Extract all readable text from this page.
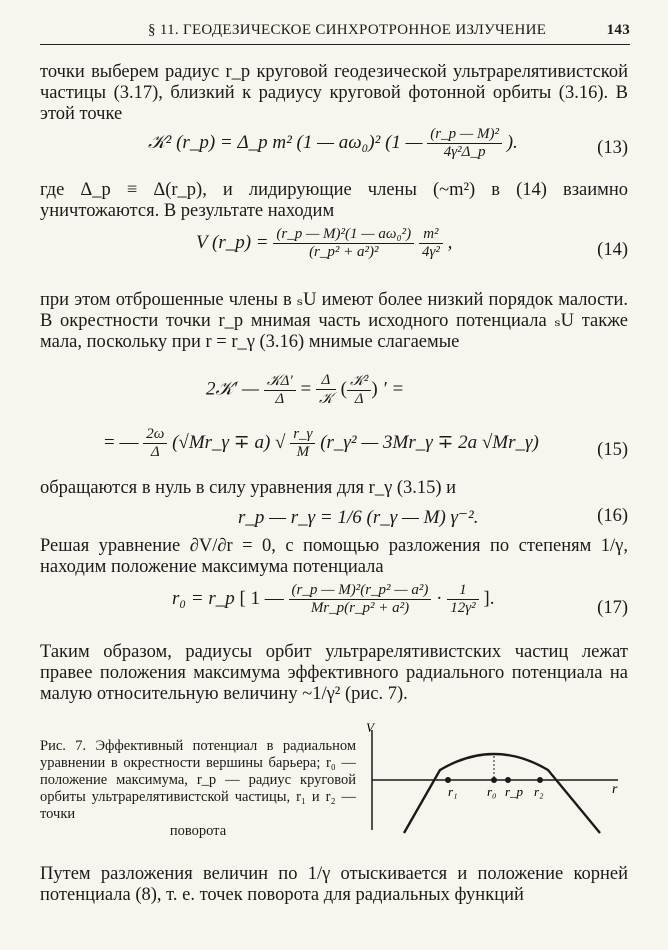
§ 11. ГЕОДЕЗИЧЕСКОЕ СИНХРОТРОННОЕ ИЗЛУЧЕНИЕ	143
точки выберем радиус r_p круговой геодезической ультрарелятивистской частицы (3.17), близкий к радиусу круговой фотонной орбиты (3.16). В этой точке
𝒦² (r_p) = Δ_p m² (1 — aω₀)² (1 — $\frac{\text{(r\_p — M)²}}{\text{4γ²Δ\_p}}$ ).	(13)
где Δ_p ≡ Δ(r_p), и лидирующие члены (~m²) в (14) взаимно уничтожаются. В результате находим
V (r_p) = $\frac{\text{(r\_p — M)²(1 — aω₀²)}}{\text{(r\_p² + a²)²}}$
$\frac{\text{m²}}{\text{4γ²}}$ ,	(14)
при этом отброшенные члены в ₛU имеют более низкий порядок малости. В окрестности точки r_p мнимая часть исходного потенциала ₛU также мала, поскольку при r = r_γ (3.16) мнимые слагаемые
2𝒦′ — $\frac{\text{𝒦Δ′}}{\Delta} = \frac{\Delta}{\text{𝒦}}$ ( $\frac{\text{𝒦²}}{\Delta}$ ) ′ =
= — $\frac{2\omega}{\Delta}$ (√Mr_γ ∓ a) √ $\frac{r\_\gamma}{M}$ (r_γ² — 3Mr_γ ∓ 2a √Mr_γ)	(15)
обращаются в нуль в силу уравнения для r_γ (3.15) и
r_p — r_γ = 1/6 (r_γ — M) γ⁻².	(16)
Решая уравнение ∂V/∂r = 0, с помощью разложения по степеням 1/γ, находим положение максимума потенциала
r₀ = r_p [ 1 — $\frac{\text{(r\_p — M)²(r\_p² — a²)}}{\text{Mr\_p(r\_p² + a²)}} \cdot \frac{1}{\text{12γ²}}$ ].	(17)
Таким образом, радиусы орбит ультрарелятивистских частиц лежат правее положения максимума эффективного радиального потенциала на малую относительную величину ~1/γ² (рис. 7).
Рис. 7. Эффективный потенциал в радиальном уравнении в окрестности вершины барьера; r₀ — положение максимума, r_p — радиус круговой орбиты ультрарелятивистской частицы, r₁ и r₂ — точки
поворота
V
r
r₁ r₀ r_p r₂
Путем разложения величин по 1/γ отыскивается и положение корней потенциала (8), т. е. точек поворота для радиальных функций
